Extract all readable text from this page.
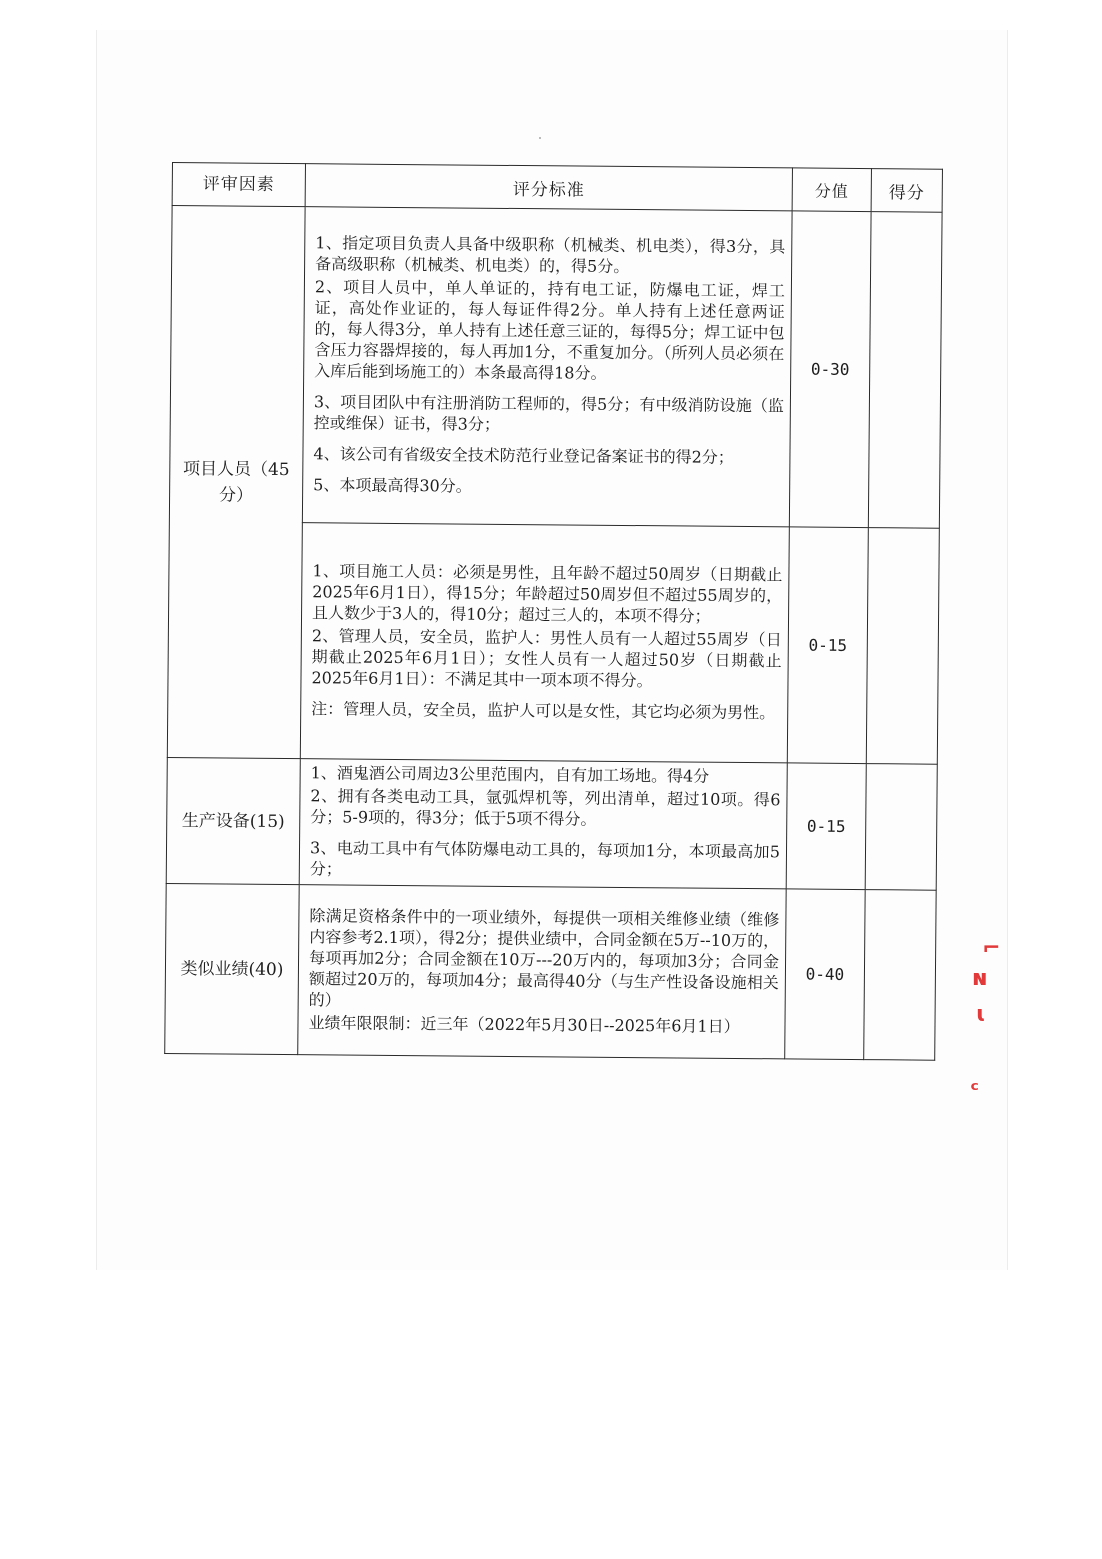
评审因素	评分标准	分值	得分
项目人员（45分）	1、指定项目负责人具备中级职称（机械类、机电类），得3分，具备高级职称（机械类、机电类）的，得5分。
2、项目人员中，单人单证的，持有电工证，防爆电工证，焊工证，高处作业证的，每人每证件得2分。单人持有上述任意两证的，每人得3分，单人持有上述任意三证的，每得5分；焊工证中包含压力容器焊接的，每人再加1分，不重复加分。（所列人员必须在入库后能到场施工的）本条最高得18分。
3、项目团队中有注册消防工程师的，得5分；有中级消防设施（监控或维保）证书，得3分；
4、该公司有省级安全技术防范行业登记备案证书的得2分；
5、本项最高得30分。	0-30	

	1、项目施工人员：必须是男性，且年龄不超过50周岁（日期截止2025年6月1日），得15分；年龄超过50周岁但不超过55周岁的，且人数少于3人的，得10分；超过三人的，本项不得分；
2、管理人员，安全员，监护人：男性人员有一人超过55周岁（日期截止2025年6月1日）；女性人员有一人超过50岁（日期截止2025年6月1日）：不满足其中一项本项不得分。
注：管理人员，安全员，监护人可以是女性，其它均必须为男性。	0-15	
生产设备(15)	1、酒鬼酒公司周边3公里范围内，自有加工场地。得4分
2、拥有各类电动工具，氩弧焊机等，列出清单，超过10项。得6分；5-9项的，得3分；低于5项不得分。
3、电动工具中有气体防爆电动工具的，每项加1分，本项最高加5分；	0-15	
类似业绩(40)	除满足资格条件中的一项业绩外，每提供一项相关维修业绩（维修内容参考2.1项），得2分；提供业绩中，合同金额在5万--10万的，每项再加2分；合同金额在10万---20万内的，每项加3分；合同金额超过20万的，每项加4分；最高得40分（与生产性设备设施相关的）
业绩年限限制：近三年（2022年5月30日--2025年6月1日）	0-40	
⌐
ɴ
ɩ
ᶜ
